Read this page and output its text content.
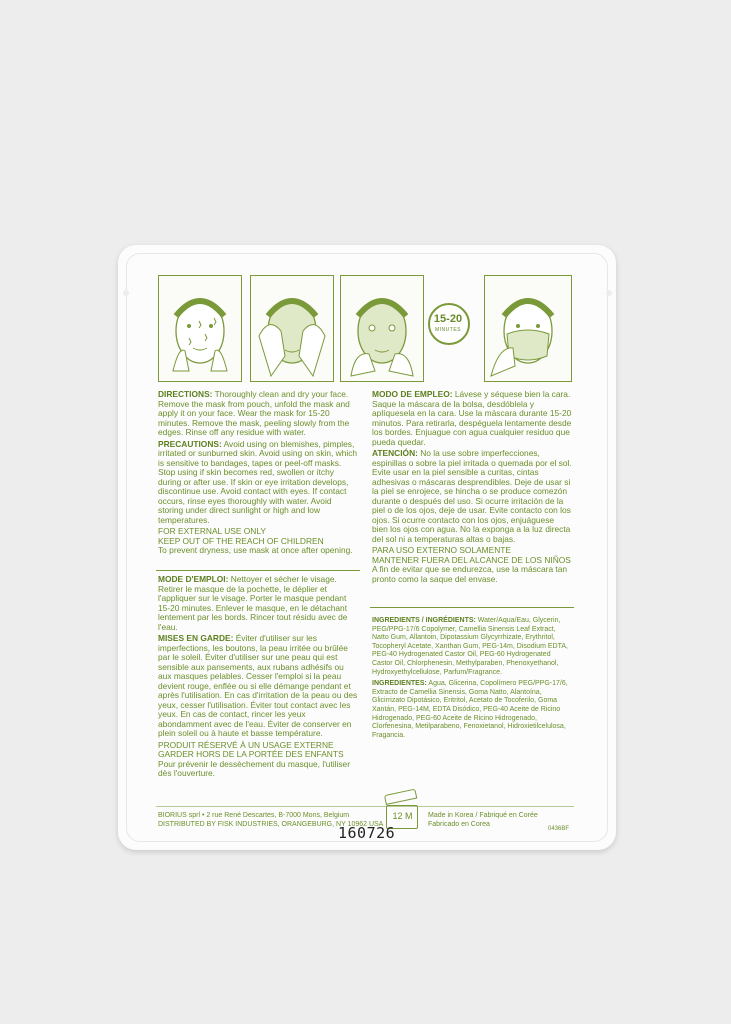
15-20
MINUTES

DIRECTIONS: Thoroughly clean and dry your face. Remove the mask from pouch, unfold the mask and apply it on your face. Wear the mask for 15-20 minutes. Remove the mask, peeling slowly from the edges. Rinse off any residue with water.

PRECAUTIONS: Avoid using on blemishes, pimples, irritated or sunburned skin. Avoid using on skin, which is sensitive to bandages, tapes or peel-off masks. Stop using if skin becomes red, swollen or itchy during or after use. If skin or eye irritation develops, discontinue use. Avoid contact with eyes. If contact occurs, rinse eyes thoroughly with water. Avoid storing under direct sunlight or high and low temperatures.

FOR EXTERNAL USE ONLY

KEEP OUT OF THE REACH OF CHILDREN

To prevent dryness, use mask at once after opening.

MODE D'EMPLOI: Nettoyer et sécher le visage. Retirer le masque de la pochette, le déplier et l'appliquer sur le visage. Porter le masque pendant 15-20 minutes. Enlever le masque, en le détachant lentement par les bords. Rincer tout résidu avec de l'eau.

MISES EN GARDE: Éviter d'utiliser sur les imperfections, les boutons, la peau irritée ou brûlée par le soleil. Éviter d'utiliser sur une peau qui est sensible aux pansements, aux rubans adhésifs ou aux masques pelables. Cesser l'emploi si la peau devient rouge, enflée ou si elle démange pendant et après l'utilisation. En cas d'irritation de la peau ou des yeux, cesser l'utilisation. Éviter tout contact avec les yeux. En cas de contact, rincer les yeux abondamment avec de l'eau. Éviter de conserver en plein soleil ou à haute et basse température.

PRODUIT RÉSERVÉ À UN USAGE EXTERNE

GARDER HORS DE LA PORTÉE DES ENFANTS

Pour prévenir le dessèchement du masque, l'utiliser dès l'ouverture.

MODO DE EMPLEO: Lávese y séquese bien la cara. Saque la máscara de la bolsa, desdóblela y aplíquesela en la cara. Use la máscara durante 15-20 minutos. Para retirarla, despéguela lentamente desde los bordes. Enjuague con agua cualquier residuo que pueda quedar.

ATENCIÓN: No la use sobre imperfecciones, espinillas o sobre la piel irritada o quemada por el sol. Evite usar en la piel sensible a curitas, cintas adhesivas o máscaras desprendibles. Deje de usar si la piel se enrojece, se hincha o se produce comezón durante o después del uso. Si ocurre irritación de la piel o de los ojos, deje de usar. Evite contacto con los ojos. Si ocurre contacto con los ojos, enjuáguese bien los ojos con agua. No la exponga a la luz directa del sol ni a temperaturas altas o bajas.

PARA USO EXTERNO SOLAMENTE

MANTENER FUERA DEL ALCANCE DE LOS NIÑOS

A fin de evitar que se endurezca, use la máscara tan pronto como la saque del envase.

INGREDIENTS / INGRÉDIENTS: Water/Aqua/Eau, Glycerin, PEG/PPG-17/6 Copolymer, Camellia Sinensis Leaf Extract, Natto Gum, Allantoin, Dipotassium Glycyrrhizate, Erythritol, Tocopheryl Acetate, Xanthan Gum, PEG-14m, Disodium EDTA, PEG-40 Hydrogenated Castor Oil, PEG-60 Hydrogenated Castor Oil, Chlorphenesin, Methylparaben, Phenoxyethanol, Hydroxyethylcellulose, Parfum/Fragrance.

INGREDIENTES: Agua, Glicerina, Copolímero PEG/PPG-17/6, Extracto de Camellia Sinensis, Goma Natto, Alantoína, Glicirrizato Dipotásico, Eritritol, Acetato de Tocoferilo, Goma Xantán, PEG-14M, EDTA Disódico, PEG-40 Aceite de Ricino Hidrogenado, PEG-60 Aceite de Ricino Hidrogenado, Clorfenesina, Metilparabeno, Fenoxietanol, Hidroxietilcelulosa, Fragancia.

BIORIUS sprl • 2 rue René Descartes, B-7000 Mons, Belgium
DISTRIBUTED BY FISK INDUSTRIES, ORANGEBURG, NY 10962 USA
12 M	Made in Korea / Fabriqué en Corée
Fabricado en Corea
160726	0436BF
